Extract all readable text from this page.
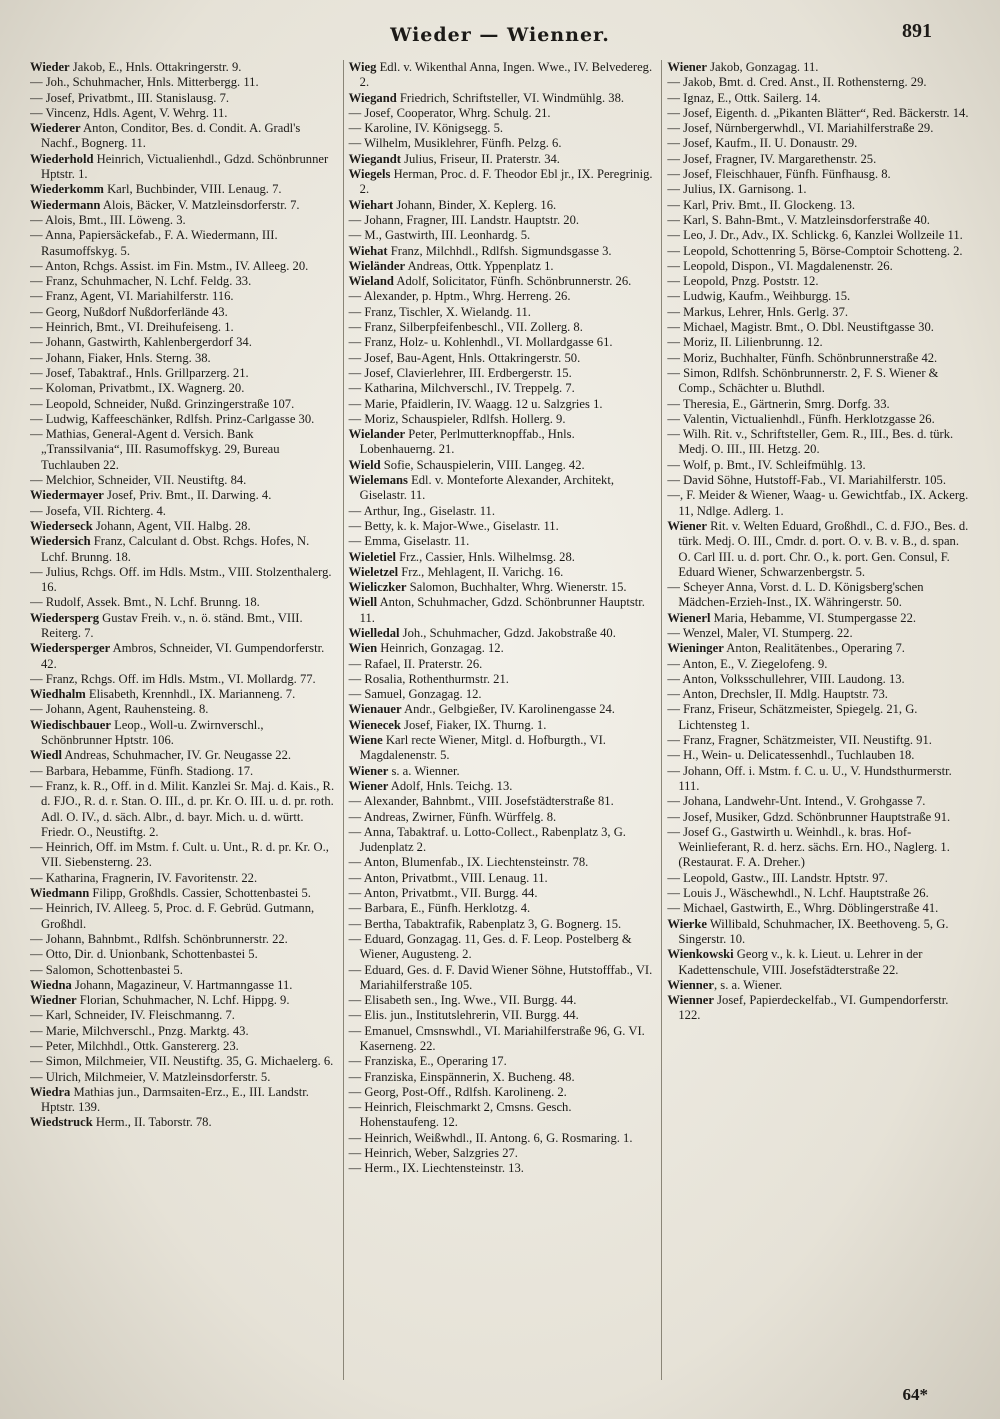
Wieder — Wienner.	891

Wieder Jakob, E., Hnls. Ottakringerstr. 9.

— Joh., Schuhmacher, Hnls. Mitterbergg. 11.

— Josef, Privatbmt., III. Stanislausg. 7.

— Vincenz, Hdls. Agent, V. Wehrg. 11.

Wiederer Anton, Conditor, Bes. d. Condit. A. Gradl's Nachf., Bognerg. 11.

Wiederhold Heinrich, Victualienhdl., Gdzd. Schönbrunner Hptstr. 1.

Wiederkomm Karl, Buchbinder, VIII. Lenaug. 7.

Wiedermann Alois, Bäcker, V. Matzleinsdorferstr. 7.

— Alois, Bmt., III. Löweng. 3.

— Anna, Papiersäckefab., F. A. Wiedermann, III. Rasumoffskyg. 5.

— Anton, Rchgs. Assist. im Fin. Mstm., IV. Alleeg. 20.

— Franz, Schuhmacher, N. Lchf. Feldg. 33.

— Franz, Agent, VI. Mariahilferstr. 116.

— Georg, Nußdorf Nußdorferlände 43.

— Heinrich, Bmt., VI. Dreihufeiseng. 1.

— Johann, Gastwirth, Kahlenbergerdorf 34.

— Johann, Fiaker, Hnls. Sterng. 38.

— Josef, Tabaktraf., Hnls. Grillparzerg. 21.

— Koloman, Privatbmt., IX. Wagnerg. 20.

— Leopold, Schneider, Nußd. Grinzingerstraße 107.

— Ludwig, Kaffeeschänker, Rdlfsh. Prinz-Carlgasse 30.

— Mathias, General-Agent d. Versich. Bank „Transsilvania“, III. Rasumoffskyg. 29, Bureau Tuchlauben 22.

— Melchior, Schneider, VII. Neustiftg. 84.

Wiedermayer Josef, Priv. Bmt., II. Darwing. 4.

— Josefa, VII. Richterg. 4.

Wiederseck Johann, Agent, VII. Halbg. 28.

Wiedersich Franz, Calculant d. Obst. Rchgs. Hofes, N. Lchf. Brunng. 18.

— Julius, Rchgs. Off. im Hdls. Mstm., VIII. Stolzenthalerg. 16.

— Rudolf, Assek. Bmt., N. Lchf. Brunng. 18.

Wiedersperg Gustav Freih. v., n. ö. ständ. Bmt., VIII. Reiterg. 7.

Wiedersperger Ambros, Schneider, VI. Gumpendorferstr. 42.

— Franz, Rchgs. Off. im Hdls. Mstm., VI. Mollardg. 77.

Wiedhalm Elisabeth, Krennhdl., IX. Marianneng. 7.

— Johann, Agent, Rauhensteing. 8.

Wiedischbauer Leop., Woll-u. Zwirnverschl., Schönbrunner Hptstr. 106.

Wiedl Andreas, Schuhmacher, IV. Gr. Neugasse 22.

— Barbara, Hebamme, Fünfh. Stadiong. 17.

— Franz, k. R., Off. in d. Milit. Kanzlei Sr. Maj. d. Kais., R. d. FJO., R. d. r. Stan. O. III., d. pr. Kr. O. III. u. d. pr. roth. Adl. O. IV., d. säch. Albr., d. bayr. Mich. u. d. württ. Friedr. O., Neustiftg. 2.

— Heinrich, Off. im Mstm. f. Cult. u. Unt., R. d. pr. Kr. O., VII. Siebensterng. 23.

— Katharina, Fragnerin, IV. Favoritenstr. 22.

Wiedmann Filipp, Großhdls. Cassier, Schottenbastei 5.

— Heinrich, IV. Alleeg. 5, Proc. d. F. Gebrüd. Gutmann, Großhdl.

— Johann, Bahnbmt., Rdlfsh. Schönbrunnerstr. 22.

— Otto, Dir. d. Unionbank, Schottenbastei 5.

— Salomon, Schottenbastei 5.

Wiedna Johann, Magazineur, V. Hartmanngasse 11.

Wiedner Florian, Schuhmacher, N. Lchf. Hippg. 9.

— Karl, Schneider, IV. Fleischmanng. 7.

— Marie, Milchverschl., Pnzg. Marktg. 43.

— Peter, Milchhdl., Ottk. Ganstererg. 23.

— Simon, Milchmeier, VII. Neustiftg. 35, G. Michaelerg. 6.

— Ulrich, Milchmeier, V. Matzleinsdorferstr. 5.

Wiedra Mathias jun., Darmsaiten-Erz., E., III. Landstr. Hptstr. 139.

Wiedstruck Herm., II. Taborstr. 78.

Wieg Edl. v. Wikenthal Anna, Ingen. Wwe., IV. Belvedereg. 2.

Wiegand Friedrich, Schriftsteller, VI. Windmühlg. 38.

— Josef, Cooperator, Whrg. Schulg. 21.

— Karoline, IV. Königsegg. 5.

— Wilhelm, Musiklehrer, Fünfh. Pelzg. 6.

Wiegandt Julius, Friseur, II. Praterstr. 34.

Wiegels Herman, Proc. d. F. Theodor Ebl jr., IX. Peregrinig. 2.

Wiehart Johann, Binder, X. Keplerg. 16.

— Johann, Fragner, III. Landstr. Hauptstr. 20.

— M., Gastwirth, III. Leonhardg. 5.

Wiehat Franz, Milchhdl., Rdlfsh. Sigmundsgasse 3.

Wieländer Andreas, Ottk. Yppenplatz 1.

Wieland Adolf, Solicitator, Fünfh. Schönbrunnerstr. 26.

— Alexander, p. Hptm., Whrg. Herreng. 26.

— Franz, Tischler, X. Wielandg. 11.

— Franz, Silberpfeifenbeschl., VII. Zollerg. 8.

— Franz, Holz- u. Kohlenhdl., VI. Mollardgasse 61.

— Josef, Bau-Agent, Hnls. Ottakringerstr. 50.

— Josef, Clavierlehrer, III. Erdbergerstr. 15.

— Katharina, Milchverschl., IV. Treppelg. 7.

— Marie, Pfaidlerin, IV. Waagg. 12 u. Salzgries 1.

— Moriz, Schauspieler, Rdlfsh. Hollerg. 9.

Wielander Peter, Perlmutterknopffab., Hnls. Lobenhauerng. 21.

Wield Sofie, Schauspielerin, VIII. Langeg. 42.

Wielemans Edl. v. Monteforte Alexander, Architekt, Giselastr. 11.

— Arthur, Ing., Giselastr. 11.

— Betty, k. k. Major-Wwe., Giselastr. 11.

— Emma, Giselastr. 11.

Wieletiel Frz., Cassier, Hnls. Wilhelmsg. 28.

Wieletzel Frz., Mehlagent, II. Varichg. 16.

Wieliczker Salomon, Buchhalter, Whrg. Wienerstr. 15.

Wiell Anton, Schuhmacher, Gdzd. Schönbrunner Hauptstr. 11.

Wielledal Joh., Schuhmacher, Gdzd. Jakobstraße 40.

Wien Heinrich, Gonzagag. 12.

— Rafael, II. Praterstr. 26.

— Rosalia, Rothenthurmstr. 21.

— Samuel, Gonzagag. 12.

Wienauer Andr., Gelbgießer, IV. Karolinengasse 24.

Wienecek Josef, Fiaker, IX. Thurng. 1.

Wiene Karl recte Wiener, Mitgl. d. Hofburgth., VI. Magdalenenstr. 5.

Wiener s. a. Wienner.

Wiener Adolf, Hnls. Teichg. 13.

— Alexander, Bahnbmt., VIII. Josefstädterstraße 81.

— Andreas, Zwirner, Fünfh. Würffelg. 8.

— Anna, Tabaktraf. u. Lotto-Collect., Rabenplatz 3, G. Judenplatz 2.

— Anton, Blumenfab., IX. Liechtensteinstr. 78.

— Anton, Privatbmt., VIII. Lenaug. 11.

— Anton, Privatbmt., VII. Burgg. 44.

— Barbara, E., Fünfh. Herklotzg. 4.

— Bertha, Tabaktrafik, Rabenplatz 3, G. Bognerg. 15.

— Eduard, Gonzagag. 11, Ges. d. F. Leop. Postelberg & Wiener, Augusteng. 2.

— Eduard, Ges. d. F. David Wiener Söhne, Hutstofffab., VI. Mariahilferstraße 105.

— Elisabeth sen., Ing. Wwe., VII. Burgg. 44.

— Elis. jun., Institutslehrerin, VII. Burgg. 44.

— Emanuel, Cmsnswhdl., VI. Mariahilferstraße 96, G. VI. Kaserneng. 22.

— Franziska, E., Operaring 17.

— Franziska, Einspännerin, X. Bucheng. 48.

— Georg, Post-Off., Rdlfsh. Karolineng. 2.

— Heinrich, Fleischmarkt 2, Cmsns. Gesch. Hohenstaufeng. 12.

— Heinrich, Weißwhdl., II. Antong. 6, G. Rosmaring. 1.

— Heinrich, Weber, Salzgries 27.

— Herm., IX. Liechtensteinstr. 13.

Wiener Jakob, Gonzagag. 11.

— Jakob, Bmt. d. Cred. Anst., II. Rothensterng. 29.

— Ignaz, E., Ottk. Sailerg. 14.

— Josef, Eigenth. d. „Pikanten Blätter“, Red. Bäckerstr. 14.

— Josef, Nürnbergerwhdl., VI. Mariahilferstraße 29.

— Josef, Kaufm., II. U. Donaustr. 29.

— Josef, Fragner, IV. Margarethenstr. 25.

— Josef, Fleischhauer, Fünfh. Fünfhausg. 8.

— Julius, IX. Garnisong. 1.

— Karl, Priv. Bmt., II. Glockeng. 13.

— Karl, S. Bahn-Bmt., V. Matzleinsdorferstraße 40.

— Leo, J. Dr., Adv., IX. Schlickg. 6, Kanzlei Wollzeile 11.

— Leopold, Schottenring 5, Börse-Comptoir Schotteng. 2.

— Leopold, Dispon., VI. Magdalenenstr. 26.

— Leopold, Pnzg. Poststr. 12.

— Ludwig, Kaufm., Weihburgg. 15.

— Markus, Lehrer, Hnls. Gerlg. 37.

— Michael, Magistr. Bmt., O. Dbl. Neustiftgasse 30.

— Moriz, II. Lilienbrunng. 12.

— Moriz, Buchhalter, Fünfh. Schönbrunnerstraße 42.

— Simon, Rdlfsh. Schönbrunnerstr. 2, F. S. Wiener & Comp., Schächter u. Bluthdl.

— Theresia, E., Gärtnerin, Smrg. Dorfg. 33.

— Valentin, Victualienhdl., Fünfh. Herklotzgasse 26.

— Wilh. Rit. v., Schriftsteller, Gem. R., III., Bes. d. türk. Medj. O. III., III. Hetzg. 20.

— Wolf, p. Bmt., IV. Schleifmühlg. 13.

— David Söhne, Hutstoff-Fab., VI. Mariahilferstr. 105.

—, F. Meider & Wiener, Waag- u. Gewichtfab., IX. Ackerg. 11, Ndlge. Adlerg. 1.

Wiener Rit. v. Welten Eduard, Großhdl., C. d. FJO., Bes. d. türk. Medj. O. III., Cmdr. d. port. O. v. B. v. B., d. span. O. Carl III. u. d. port. Chr. O., k. port. Gen. Consul, F. Eduard Wiener, Schwarzenbergstr. 5.

— Scheyer Anna, Vorst. d. L. D. Königsberg'schen Mädchen-Erzieh-Inst., IX. Währingerstr. 50.

Wienerl Maria, Hebamme, VI. Stumpergasse 22.

— Wenzel, Maler, VI. Stumperg. 22.

Wieninger Anton, Realitätenbes., Operaring 7.

— Anton, E., V. Ziegelofeng. 9.

— Anton, Volksschullehrer, VIII. Laudong. 13.

— Anton, Drechsler, II. Mdlg. Hauptstr. 73.

— Franz, Friseur, Schätzmeister, Spiegelg. 21, G. Lichtensteg 1.

— Franz, Fragner, Schätzmeister, VII. Neustiftg. 91.

— H., Wein- u. Delicatessenhdl., Tuchlauben 18.

— Johann, Off. i. Mstm. f. C. u. U., V. Hundsthurmerstr. 111.

— Johana, Landwehr-Unt. Intend., V. Grohgasse 7.

— Josef, Musiker, Gdzd. Schönbrunner Hauptstraße 91.

— Josef G., Gastwirth u. Weinhdl., k. bras. Hof-Weinlieferant, R. d. herz. sächs. Ern. HO., Naglerg. 1. (Restaurat. F. A. Dreher.)

— Leopold, Gastw., III. Landstr. Hptstr. 97.

— Louis J., Wäschewhdl., N. Lchf. Hauptstraße 26.

— Michael, Gastwirth, E., Whrg. Döblingerstraße 41.

Wierke Willibald, Schuhmacher, IX. Beethoveng. 5, G. Singerstr. 10.

Wienkowski Georg v., k. k. Lieut. u. Lehrer in der Kadettenschule, VIII. Josefstädterstraße 22.

Wienner, s. a. Wiener.

Wienner Josef, Papierdeckelfab., VI. Gumpendorferstr. 122.

64*
